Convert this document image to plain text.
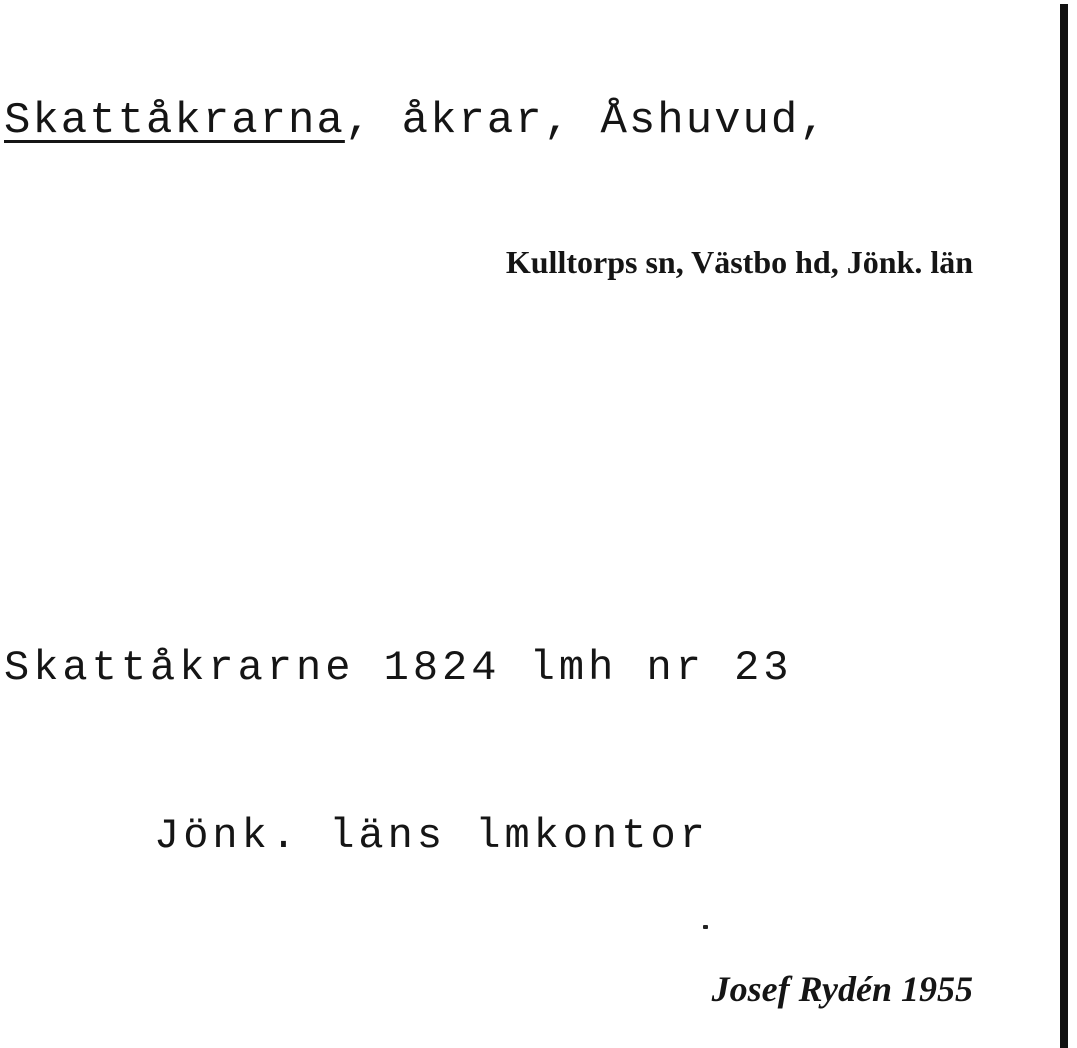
Skattåkrarna, åkrar, Åshuvud,
Kulltorps sn, Västbo hd, Jönk. län

Skattåkrarne 1824 lmh nr 23

Jönk. läns lmkontor

Josef Rydén 1955
